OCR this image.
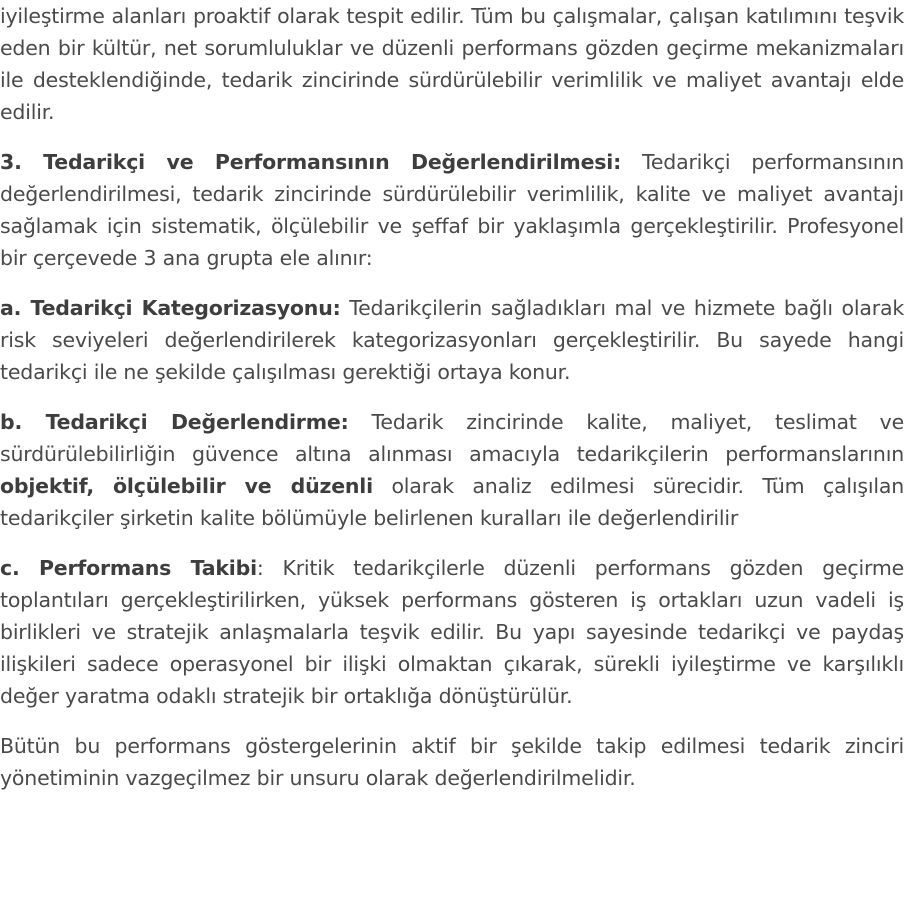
iyileştirme alanları proaktif olarak tespit edilir. Tüm bu çalışmalar, çalışan katılımını teşvik eden bir kültür, net sorumluluklar ve düzenli performans gözden geçirme mekanizmaları ile desteklendiğinde, tedarik zincirinde sürdürülebilir verimlilik ve maliyet avantajı elde edilir.

3. Tedarikçi ve Performansının Değerlendirilmesi: Tedarikçi performansının değerlendirilmesi, tedarik zincirinde sürdürülebilir verimlilik, kalite ve maliyet avantajı sağlamak için sistematik, ölçülebilir ve şeffaf bir yaklaşımla gerçekleştirilir. Profesyonel bir çerçevede 3 ana grupta ele alınır:

a. Tedarikçi Kategorizasyonu: Tedarikçilerin sağladıkları mal ve hizmete bağlı olarak risk seviyeleri değerlendirilerek kategorizasyonları gerçekleştirilir. Bu sayede hangi tedarikçi ile ne şekilde çalışılması gerektiği ortaya konur.

b. Tedarikçi Değerlendirme: Tedarik zincirinde kalite, maliyet, teslimat ve sürdürülebilirliğin güvence altına alınması amacıyla tedarikçilerin performanslarının objektif, ölçülebilir ve düzenli olarak analiz edilmesi sürecidir. Tüm çalışılan tedarikçiler şirketin kalite bölümüyle belirlenen kuralları ile değerlendirilir

c. Performans Takibi: Kritik tedarikçilerle düzenli performans gözden geçirme toplantıları gerçekleştirilirken, yüksek performans gösteren iş ortakları uzun vadeli iş birlikleri ve stratejik anlaşmalarla teşvik edilir. Bu yapı sayesinde tedarikçi ve paydaş ilişkileri sadece operasyonel bir ilişki olmaktan çıkarak, sürekli iyileştirme ve karşılıklı değer yaratma odaklı stratejik bir ortaklığa dönüştürülür.

Bütün bu performans göstergelerinin aktif bir şekilde takip edilmesi tedarik zinciri yönetiminin vazgeçilmez bir unsuru olarak değerlendirilmelidir.
